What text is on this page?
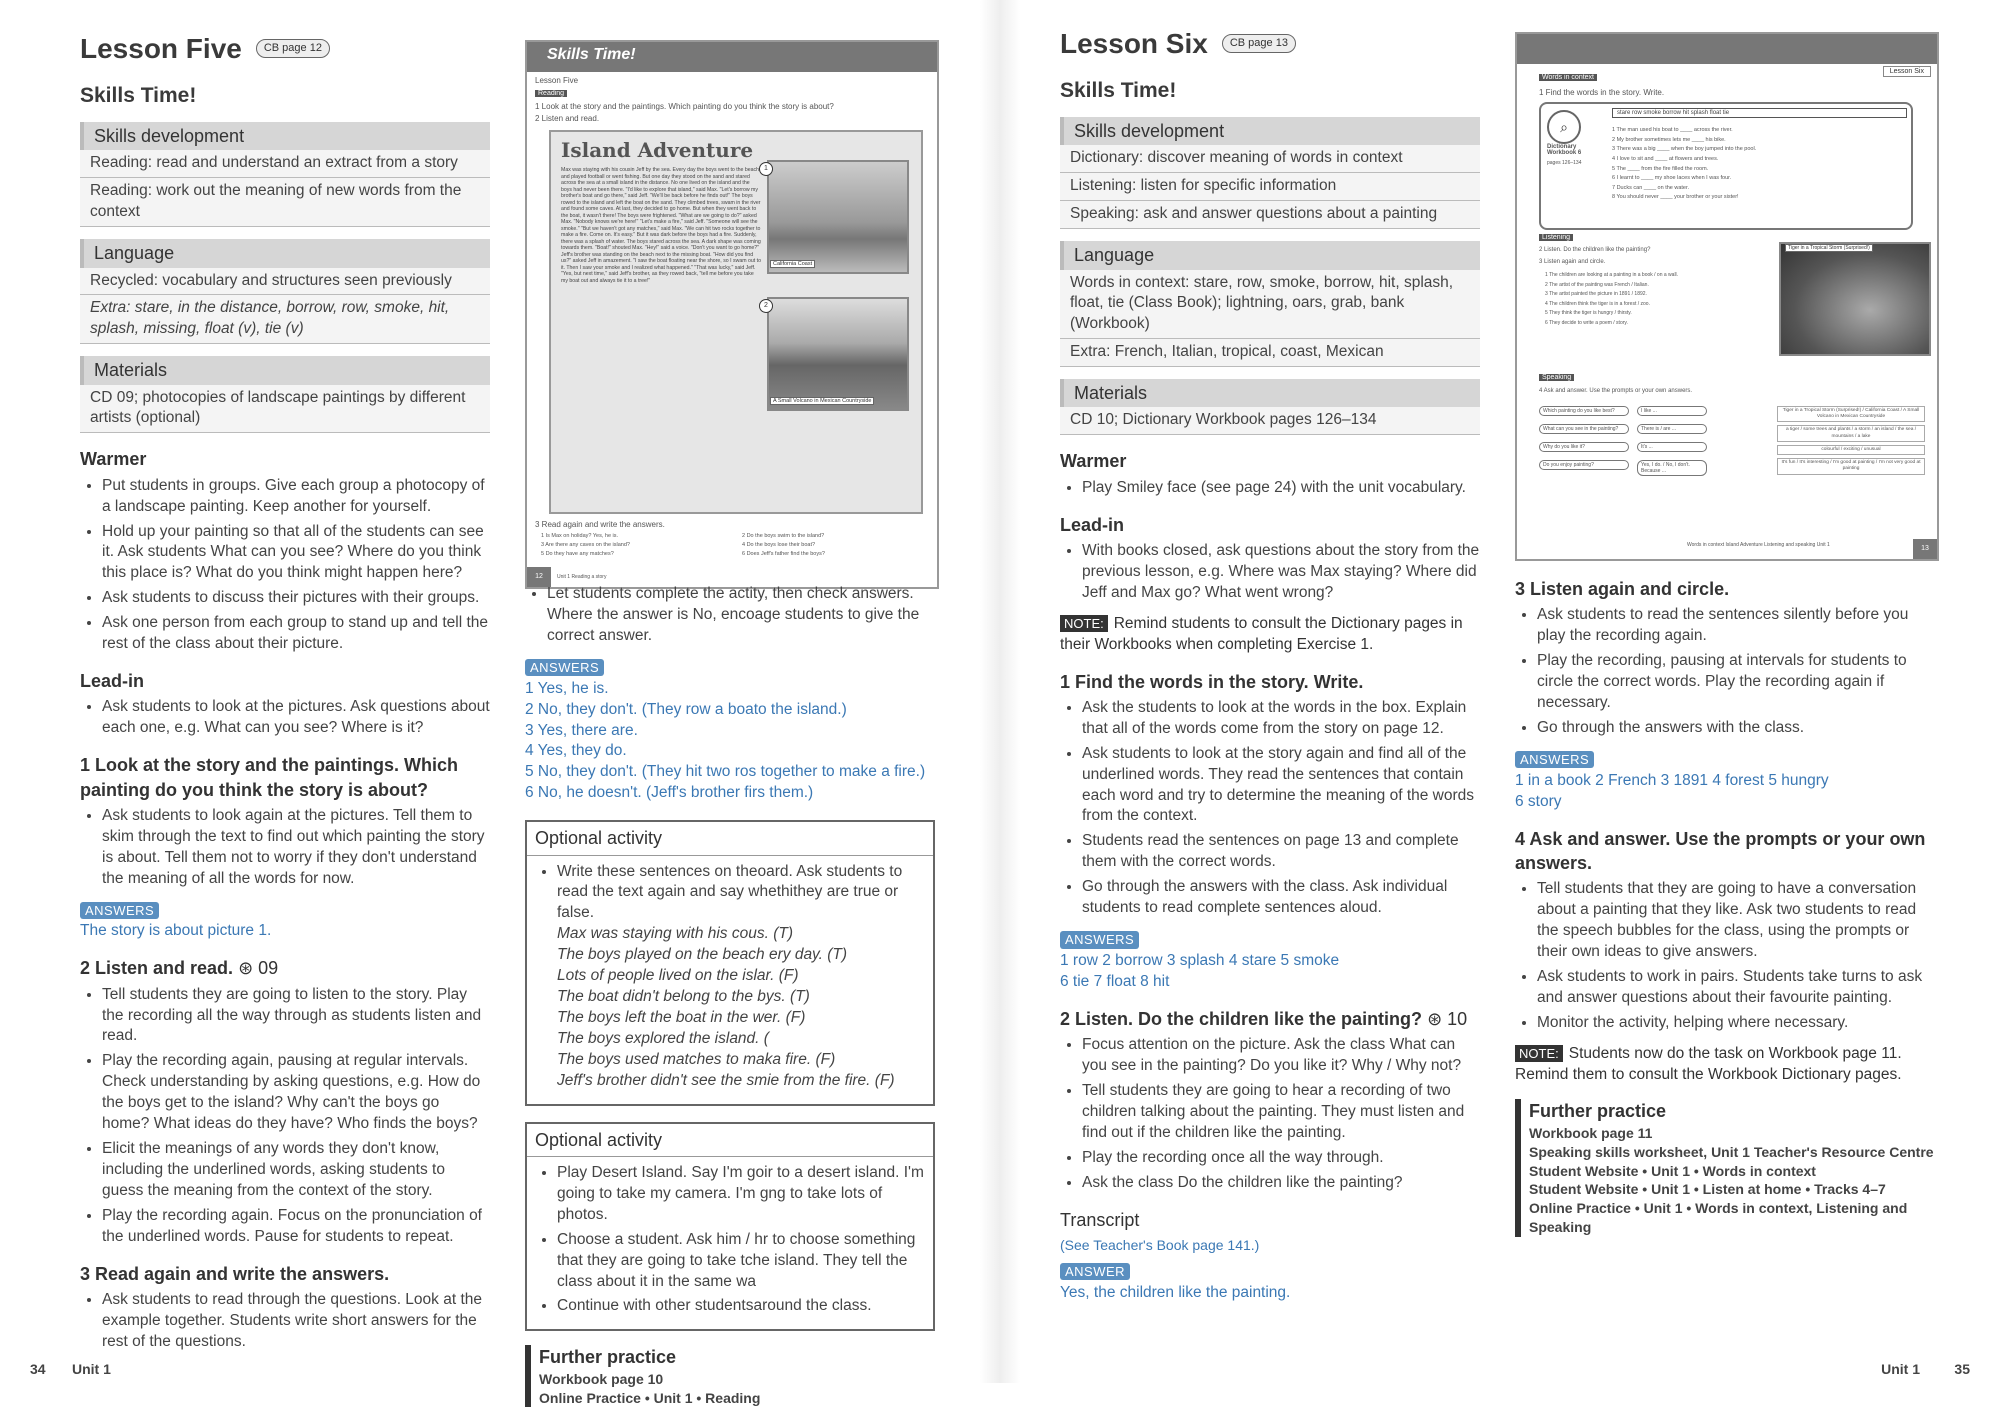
Lesson Five	CB page 12
Skills Time!
Skills development
Reading: read and understand an extract from a story
Reading: work out the meaning of new words from the context
Language
Recycled: vocabulary and structures seen previously
Extra: stare, in the distance, borrow, row, smoke, hit, splash, missing, float (v), tie (v)
Materials
CD 09; photocopies of landscape paintings by different artists (optional)
Warmer
• Put students in groups. Give each group a photocopy of a landscape painting. Keep another for yourself.
• Hold up your painting so that all of the students can see it. Ask students What can you see? Where do you think this place is? What do you think might happen here?
• Ask students to discuss their pictures with their groups.
• Ask one person from each group to stand up and tell the rest of the class about their picture.
Lead-in
• Ask students to look at the pictures. Ask questions about each one, e.g. What can you see? Where is it?
1 Look at the story and the paintings. Which painting do you think the story is about?
• Ask students to look again at the pictures. Tell them to skim through the text to find out which painting the story is about. Tell them not to worry if they don't understand the meaning of all the words for now.
ANSWERS
The story is about picture 1.
2 Listen and read. ⊛ 09
• Tell students they are going to listen to the story. Play the recording all the way through as students listen and read.
• Play the recording again, pausing at regular intervals. Check understanding by asking questions, e.g. How do the boys get to the island? Why can't the boys go home? What ideas do they have? Who finds the boys?
• Elicit the meanings of any words they don't know, including the underlined words, asking students to guess the meaning from the context of the story.
• Play the recording again. Focus on the pronunciation of the underlined words. Pause for students to repeat.
3 Read again and write the answers.
• Ask students to read through the questions. Look at the example together. Students write short answers for the rest of the questions.
Skills Time!
Lesson Five
Reading
1 Look at the story and the paintings. Which painting do you think the story is about?
2 Listen and read.
Island Adventure
Max was staying with his cousin Jeff by the sea. Every day the boys went to the beach and played football or went fishing. But one day they stood on the sand and stared across the sea at a small island in the distance. No one lived on the island and the boys had never been there. "I'd like to explore that island," said Max. "Let's borrow my brother's boat and go there," said Jeff. "We'll be back before he finds out!" The boys rowed to the island and left the boat on the sand. They climbed trees, swam in the river and found some caves. At last, they decided to go home. But when they went back to the boat, it wasn't there! The boys were frightened. "What are we going to do?" asked Max. "Nobody knows we're here!" "Let's make a fire," said Jeff. "Someone will see the smoke." "But we haven't got any matches," said Max. "We can hit two rocks together to make a fire. Come on. It's easy." But it was dark before the boys had a fire. Suddenly, there was a splash of water. The boys stared across the sea. A dark shape was coming towards them. "Boat!" shouted Max. "Hey!" said a voice. "Don't you want to go home?" Jeff's brother was standing on the beach next to the missing boat. "How did you find us?" asked Jeff in amazement. "I saw the boat floating near the shore, so I swam out to it. Then I saw your smoke and I realized what happened." "That was lucky," said Jeff. "Yes, but next time," said Jeff's brother, as they rowed back, "tell me before you take my boat out and always tie it to a tree!"
1
California Coast
2
A Small Volcano in Mexican Countryside
3 Read again and write the answers.
1 Is Max on holiday? Yes, he is.
3 Are there any caves on the island?
5 Do they have any matches?
2 Do the boys swim to the island?
4 Do the boys lose their boat?
6 Does Jeff's father find the boys?
12	Unit 1 Reading a story
• Let students complete the actity, then check answers. Where the answer is No, encoage students to give the correct answer.
ANSWERS
1 Yes, he is.
2 No, they don't. (They row a boato the island.)
3 Yes, there are.
4 Yes, they do.
5 No, they don't. (They hit two ros together to make a fire.)
6 No, he doesn't. (Jeff's brother firs them.)
Optional activity
• Write these sentences on theoard. Ask students to read the text again and say whethithey are true or false.
Max was staying with his cous. (T)
The boys played on the beach ery day. (T)
Lots of people lived on the islar. (F)
The boat didn't belong to the bys. (T)
The boys left the boat in the wer. (F)
The boys explored the island. (
The boys used matches to maka fire. (F)
Jeff's brother didn't see the smie from the fire. (F)
Optional activity
• Play Desert Island. Say I'm goir to a desert island. I'm going to take my camera. I'm gng to take lots of photos.
• Choose a student. Ask him / hr to choose something that they are going to take tche island. They tell the class about it in the same wa
• Continue with other studentsaround the class.
Further practice
Workbook page 10
Online Practice • Unit 1 • Reading
34 Unit 1
Lesson Six	CB page 13
Skills Time!
Skills development
Dictionary: discover meaning of words in context
Listening: listen for specific information
Speaking: ask and answer questions about a painting
Language
Words in context: stare, row, smoke, borrow, hit, splash, float, tie (Class Book); lightning, oars, grab, bank (Workbook)
Extra: French, Italian, tropical, coast, Mexican
Materials
CD 10; Dictionary Workbook pages 126–134
Warmer
• Play Smiley face (see page 24) with the unit vocabulary.
Lead-in
• With books closed, ask questions about the story from the previous lesson, e.g. Where was Max staying? Where did Jeff and Max go? What went wrong?
NOTE: Remind students to consult the Dictionary pages in their Workbooks when completing Exercise 1.
1 Find the words in the story. Write.
• Ask the students to look at the words in the box. Explain that all of the words come from the story on page 12.
• Ask students to look at the story again and find all of the underlined words. They read the sentences that contain each word and try to determine the meaning of the words from the context.
• Students read the sentences on page 13 and complete them with the correct words.
• Go through the answers with the class. Ask individual students to read complete sentences aloud.
ANSWERS
1 row 2 borrow 3 splash 4 stare 5 smoke
6 tie 7 float 8 hit
2 Listen. Do the children like the painting? ⊛ 10
• Focus attention on the picture. Ask the class What can you see in the painting? Do you like it? Why / Why not?
• Tell students they are going to hear a recording of two children talking about the painting. They must listen and find out if the children like the painting.
• Play the recording once all the way through.
• Ask the class Do the children like the painting?
Transcript
(See Teacher's Book page 141.)
ANSWER
Yes, the children like the painting.
Lesson Six
Words in context
1 Find the words in the story. Write.
⌕
Dictionary Workbook 6
pages 126–134
stare row smoke borrow hit splash float tie
1 The man used his boat to ____ across the river.
2 My brother sometimes lets me ____ his bike.
3 There was a big ____ when the boy jumped into the pool.
4 I love to sit and ____ at flowers and trees.
5 The ____ from the fire filled the room.
6 I learnt to ____ my shoe laces when I was four.
7 Ducks can ____ on the water.
8 You should never ____ your brother or your sister!
Listening
2 Listen. Do the children like the painting?
3 Listen again and circle.
1 The children are looking at a painting in a book / on a wall.
2 The artist of the painting was French / Italian.
3 The artist painted the picture in 1891 / 1892.
4 The children think the tiger is in a forest / zoo.
5 They think the tiger is hungry / thirsty.
6 They decide to write a poem / story.
Tiger in a Tropical Storm (Surprised!)
Speaking
4 Ask and answer. Use the prompts or your own answers.
Which painting do you like best?
What can you see in the painting?
Why do you like it?
Do you enjoy painting?
I like ...
There is / are ...
It's ...
Yes, I do. / No, I don't. Because ...
Tiger in a Tropical Storm (Surprised!) / California Coast / A Small Volcano in Mexican Countryside
a tiger / some trees and plants / a storm / an island / the sea / mountains / a lake
colourful / exciting / unusual
It's fun / It's interesting / I'm good at painting / I'm not very good at painting
Words in context Island Adventure Listening and speaking Unit 1	13
3 Listen again and circle.
• Ask students to read the sentences silently before you play the recording again.
• Play the recording, pausing at intervals for students to circle the correct words. Play the recording again if necessary.
• Go through the answers with the class.
ANSWERS
1 in a book 2 French 3 1891 4 forest 5 hungry
6 story
4 Ask and answer. Use the prompts or your own answers.
• Tell students that they are going to have a conversation about a painting that they like. Ask two students to read the speech bubbles for the class, using the prompts or their own ideas to give answers.
• Ask students to work in pairs. Students take turns to ask and answer questions about their favourite painting.
• Monitor the activity, helping where necessary.
NOTE: Students now do the task on Workbook page 11. Remind them to consult the Workbook Dictionary pages.
Further practice
Workbook page 11
Speaking skills worksheet, Unit 1 Teacher's Resource Centre
Student Website • Unit 1 • Words in context
Student Website • Unit 1 • Listen at home • Tracks 4–7
Online Practice • Unit 1 • Words in context, Listening and Speaking
Unit 1 35
